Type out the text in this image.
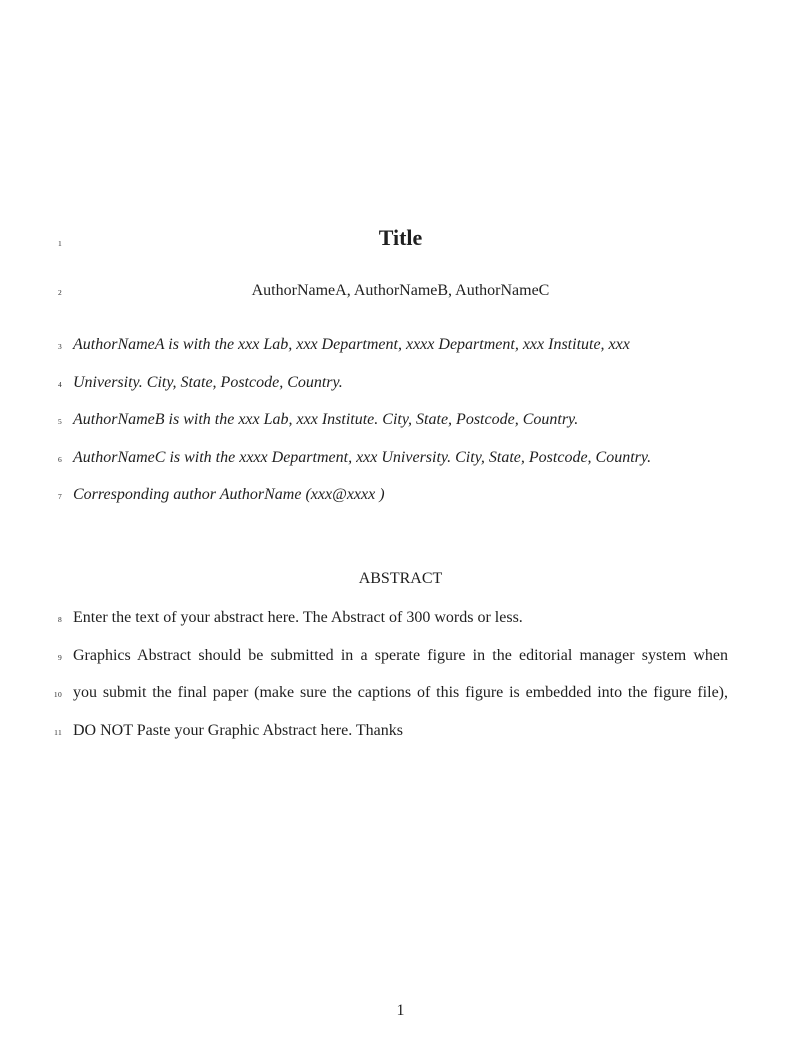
1	Title
2	AuthorNameA, AuthorNameB, AuthorNameC
3 AuthorNameA is with the xxx Lab, xxx Department, xxxx Department, xxx Institute, xxx
4 University. City, State, Postcode, Country.
5 AuthorNameB is with the xxx Lab, xxx Institute. City, State, Postcode, Country.
6 AuthorNameC is with the xxxx Department, xxx University. City, State, Postcode, Country.
7 Corresponding author AuthorName (xxx@xxxx )
ABSTRACT
8 Enter the text of your abstract here. The Abstract of 300 words or less.
9 Graphics Abstract should be submitted in a sperate figure in the editorial manager system when
10 you submit the final paper (make sure the captions of this figure is embedded into the figure file),
11 DO NOT Paste your Graphic Abstract here. Thanks
1
